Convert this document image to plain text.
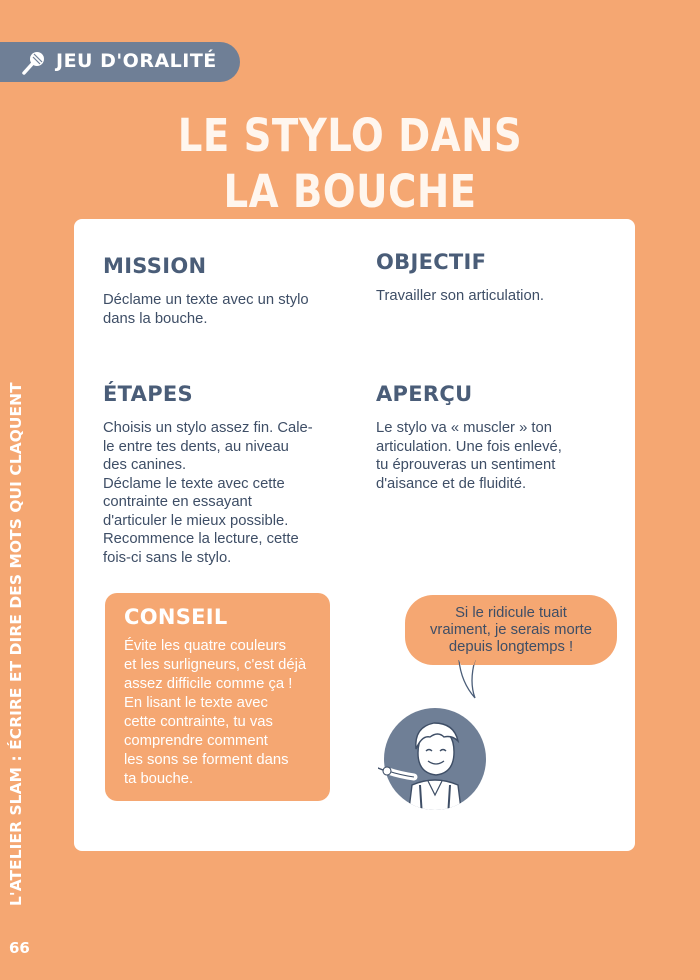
JEU D'ORALITÉ
LE STYLO DANS
LA BOUCHE
MISSION

Déclame un texte avec un stylo
dans la bouche.

OBJECTIF

Travailler son articulation.

ÉTAPES

Choisis un stylo assez fin. Cale-
le entre tes dents, au niveau
des canines.
Déclame le texte avec cette
contrainte en essayant
d'articuler le mieux possible.
Recommence la lecture, cette
fois-ci sans le stylo.

APERÇU

Le stylo va « muscler » ton
articulation. Une fois enlevé,
tu éprouveras un sentiment
d'aisance et de fluidité.

CONSEIL

Évite les quatre couleurs
et les surligneurs, c'est déjà
assez difficile comme ça !
En lisant le texte avec
cette contrainte, tu vas
comprendre comment
les sons se forment dans
ta bouche.

Si le ridicule tuait
vraiment, je serais morte
depuis longtemps !
L'ATELIER SLAM : ÉCRIRE ET DIRE DES MOTS QUI CLAQUENT
66
